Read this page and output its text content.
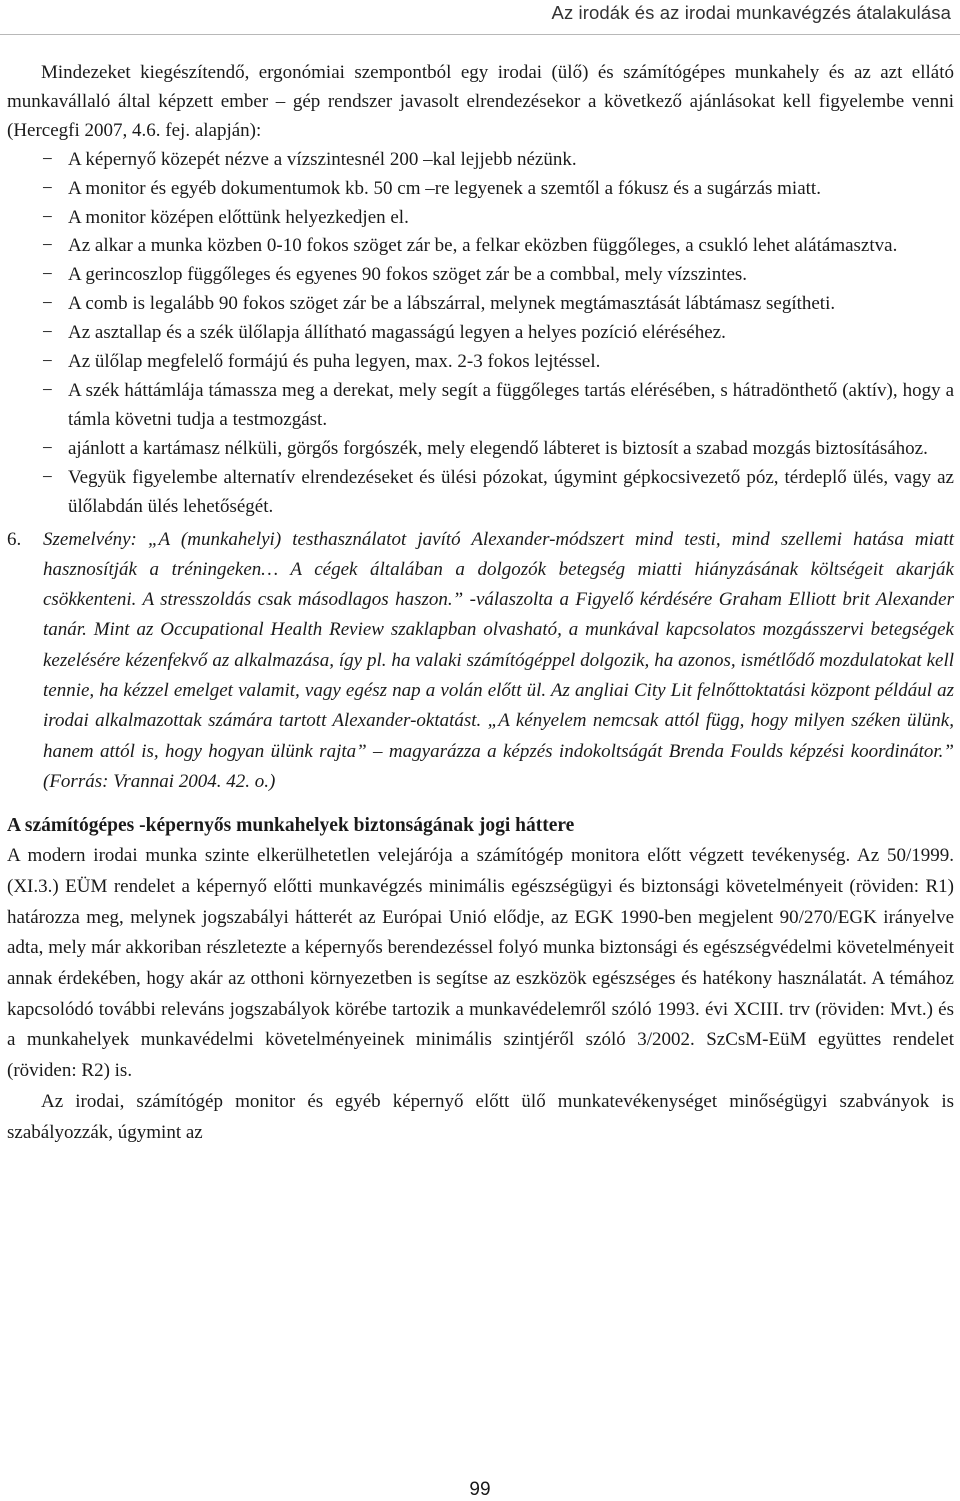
Az irodák és az irodai munkavégzés átalakulása

Mindezeket kiegészítendő, ergonómiai szempontból egy irodai (ülő) és számítógépes munkahely és az azt ellátó munkavállaló által képzett ember – gép rendszer javasolt elrendezésekor a következő ajánlásokat kell figyelembe venni (Hercegfi 2007, 4.6. fej. alapján):

− A képernyő közepét nézve a vízszintesnél 200 –kal lejjebb nézünk.
− A monitor és egyéb dokumentumok kb. 50 cm –re legyenek a szemtől a fókusz és a sugárzás miatt.
− A monitor középen előttünk helyezkedjen el.
− Az alkar a munka közben 0-10 fokos szöget zár be, a felkar eközben függőleges, a csukló lehet alátámasztva.
− A gerincoszlop függőleges és egyenes 90 fokos szöget zár be a combbal, mely vízszintes.
− A comb is legalább 90 fokos szöget zár be a lábszárral, melynek megtámasztását lábtámasz segítheti.
− Az asztallap és a szék ülőlapja állítható magasságú legyen a helyes pozíció eléréséhez.
− Az ülőlap megfelelő formájú és puha legyen, max. 2-3 fokos lejtéssel.
− A szék háttámlája támassza meg a derekat, mely segít a függőleges tartás elérésében, s hátradönthető (aktív), hogy a támla követni tudja a testmozgást.
− ajánlott a kartámasz nélküli, görgős forgószék, mely elegendő lábteret is biztosít a szabad mozgás biztosításához.
− Vegyük figyelembe alternatív elrendezéseket és ülési pózokat, úgymint gépkocsivezető póz, térdeplő ülés, vagy az ülőlabdán ülés lehetőségét.
6. Szemelvény: „A (munkahelyi) testhasználatot javító Alexander-módszert mind testi, mind szellemi hatása miatt hasznosítják a tréningeken… A cégek általában a dolgozók betegség miatti hiányzásának költségeit akarják csökkenteni. A stresszoldás csak másodlagos haszon.” -válaszolta a Figyelő kérdésére Graham Elliott brit Alexander tanár. Mint az Occupational Health Review szaklapban olvasható, a munkával kapcsolatos mozgásszervi betegségek kezelésére kézenfekvő az alkalmazása, így pl. ha valaki számítógéppel dolgozik, ha azonos, ismétlődő mozdulatokat kell tennie, ha kézzel emelget valamit, vagy egész nap a volán előtt ül. Az angliai City Lit felnőttoktatási központ például az irodai alkalmazottak számára tartott Alexander-oktatást. „A kényelem nemcsak attól függ, hogy milyen széken ülünk, hanem attól is, hogy hogyan ülünk rajta” – magyarázza a képzés indokoltságát Brenda Foulds képzési koordinátor.” (Forrás: Vrannai 2004. 42. o.)
A számítógépes -képernyős munkahelyek biztonságának jogi háttere

A modern irodai munka szinte elkerülhetetlen velejárója a számítógép monitora előtt végzett tevékenység. Az 50/1999. (XI.3.) EÜM rendelet a képernyő előtti munkavégzés minimális egészségügyi és biztonsági követelményeit (röviden: R1) határozza meg, melynek jogszabályi hátterét az Európai Unió elődje, az EGK 1990-ben megjelent 90/270/EGK irányelve adta, mely már akkoriban részletezte a képernyős berendezéssel folyó munka biztonsági és egészségvédelmi követelményeit annak érdekében, hogy akár az otthoni környezetben is segítse az eszközök egészséges és hatékony használatát. A témához kapcsolódó további releváns jogszabályok körébe tartozik a munkavédelemről szóló 1993. évi XCIII. trv (röviden: Mvt.) és a munkahelyek munkavédelmi követelményeinek minimális szintjéről szóló 3/2002. SzCsM-EüM együttes rendelet (röviden: R2) is.

Az irodai, számítógép monitor és egyéb képernyő előtt ülő munkatevékenységet minőségügyi szabványok is szabályozzák, úgymint az

99
